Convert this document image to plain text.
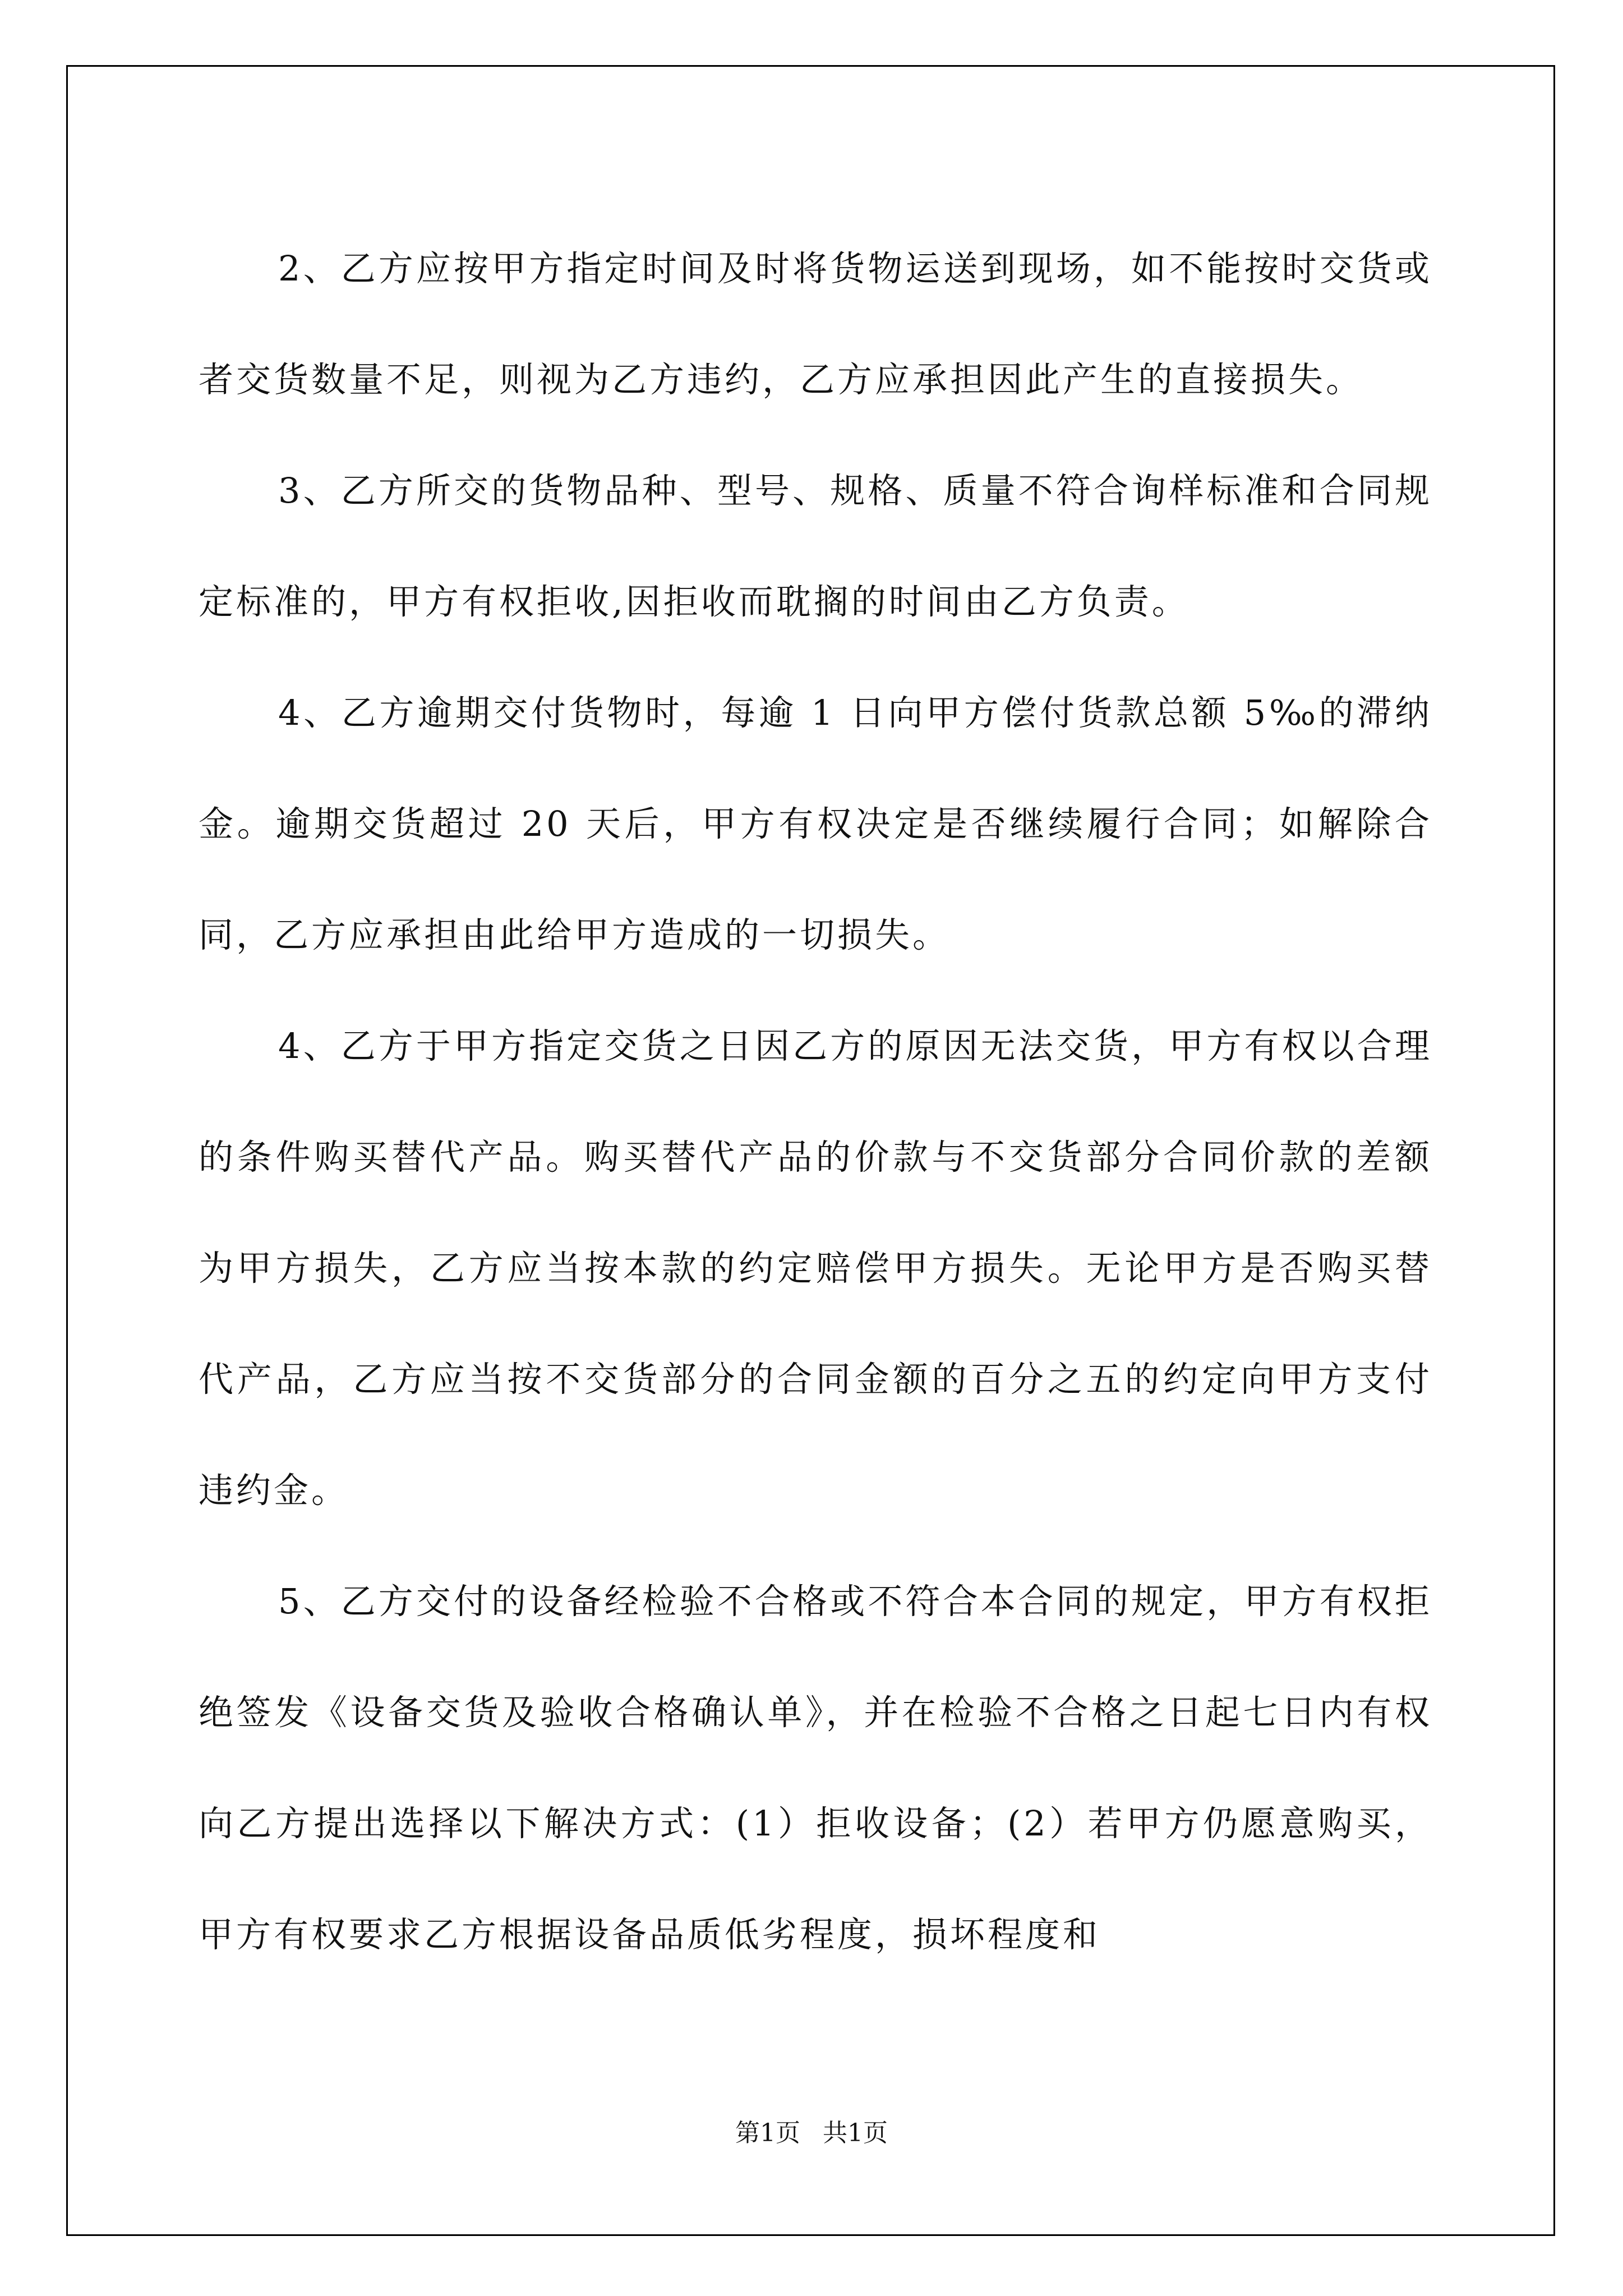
2、乙方应按甲方指定时间及时将货物运送到现场，如不能按时交货或者交货数量不足，则视为乙方违约，乙方应承担因此产生的直接损失。

3、乙方所交的货物品种、型号、规格、质量不符合询样标准和合同规定标准的，甲方有权拒收,因拒收而耽搁的时间由乙方负责。

4、乙方逾期交付货物时，每逾 1 日向甲方偿付货款总额 5‰的滞纳金。逾期交货超过 20 天后，甲方有权决定是否继续履行合同；如解除合同，乙方应承担由此给甲方造成的一切损失。

4、乙方于甲方指定交货之日因乙方的原因无法交货，甲方有权以合理的条件购买替代产品。购买替代产品的价款与不交货部分合同价款的差额为甲方损失，乙方应当按本款的约定赔偿甲方损失。无论甲方是否购买替代产品，乙方应当按不交货部分的合同金额的百分之五的约定向甲方支付违约金。

5、乙方交付的设备经检验不合格或不符合本合同的规定，甲方有权拒绝签发《设备交货及验收合格确认单》，并在检验不合格之日起七日内有权向乙方提出选择以下解决方式：(1）拒收设备；(2）若甲方仍愿意购买，甲方有权要求乙方根据设备品质低劣程度，损坏程度和

第1页 共1页
